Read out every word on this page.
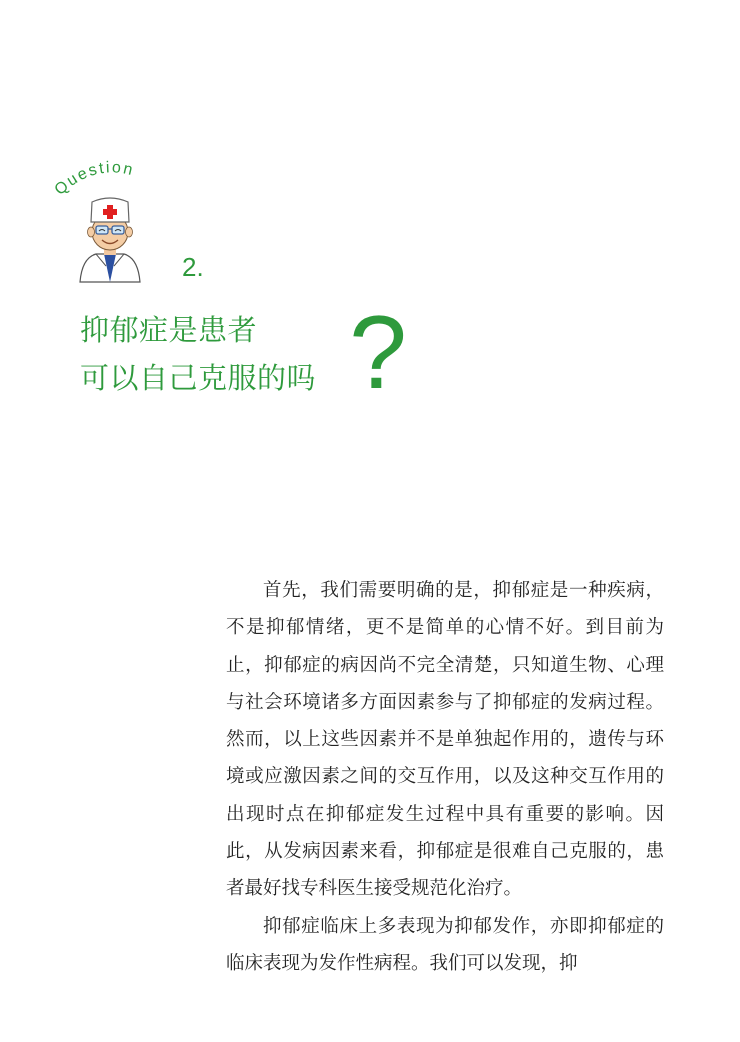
Question
2.
抑郁症是患者
可以自己克服的吗 ?

首先，我们需要明确的是，抑郁症是一种疾病，不是抑郁情绪，更不是简单的心情不好。到目前为止，抑郁症的病因尚不完全清楚，只知道生物、心理与社会环境诸多方面因素参与了抑郁症的发病过程。然而，以上这些因素并不是单独起作用的，遗传与环境或应激因素之间的交互作用，以及这种交互作用的出现时点在抑郁症发生过程中具有重要的影响。因此，从发病因素来看，抑郁症是很难自己克服的，患者最好找专科医生接受规范化治疗。

抑郁症临床上多表现为抑郁发作，亦即抑郁症的临床表现为发作性病程。我们可以发现，抑
